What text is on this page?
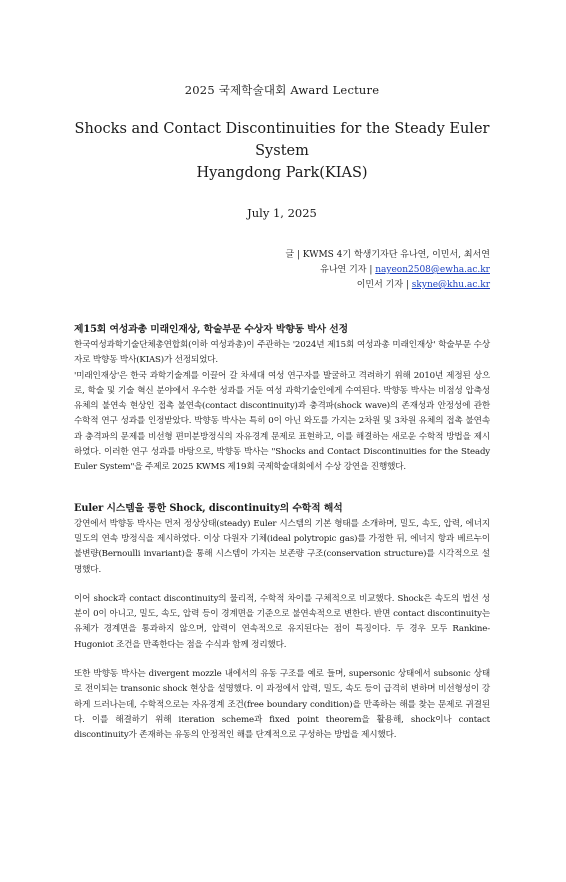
2025 국제학술대회 Award Lecture
Shocks and Contact Discontinuities for the Steady Euler System
Hyangdong Park(KIAS)
July 1, 2025
글 | KWMS 4기 학생기자단 유나연, 이민서, 최서연
유나연 기자 | nayeon2508@ewha.ac.kr
이민서 기자 | skyne@khu.ac.kr
제15회 여성과총 미래인재상, 학술부문 수상자 박향동 박사 선정

한국여성과학기술단체총연합회(이하 여성과총)이 주관하는 '2024년 제15회 여성과총 미래인재상' 학술부문 수상자로 박향동 박사(KIAS)가 선정되었다.

'미래인재상'은 한국 과학기술계를 이끌어 갈 차세대 여성 연구자를 발굴하고 격려하기 위해 2010년 제정된 상으로, 학술 및 기술 혁신 분야에서 우수한 성과를 거둔 여성 과학기술인에게 수여된다. 박향동 박사는 비점성 압축성 유체의 불연속 현상인 접촉 불연속(contact discontinuity)과 충격파(shock wave)의 존재성과 안정성에 관한 수학적 연구 성과를 인정받았다. 박향동 박사는 특히 0이 아닌 와도를 가지는 2차원 및 3차원 유체의 접촉 불연속과 충격파의 문제를 비선형 편미분방정식의 자유경계 문제로 표현하고, 이를 해결하는 새로운 수학적 방법을 제시하였다. 이러한 연구 성과를 바탕으로, 박향동 박사는 "Shocks and Contact Discontinuities for the Steady Euler System"을 주제로 2025 KWMS 제19회 국제학술대회에서 수상 강연을 진행했다.

Euler 시스템을 통한 Shock, discontinuity의 수학적 해석

강연에서 박향동 박사는 먼저 정상상태(steady) Euler 시스템의 기본 형태를 소개하며, 밀도, 속도, 압력, 에너지 밀도의 연속 방정식을 제시하였다. 이상 다원자 기체(ideal polytropic gas)를 가정한 뒤, 에너지 항과 베르누이 불변량(Bernoulli invariant)을 통해 시스템이 가지는 보존량 구조(conservation structure)를 시각적으로 설명했다.

이어 shock과 contact discontinuity의 물리적, 수학적 차이를 구체적으로 비교했다. Shock은 속도의 법선 성분이 0이 아니고, 밀도, 속도, 압력 등이 경계면을 기준으로 불연속적으로 변한다. 반면 contact discontinuity는 유체가 경계면을 통과하지 않으며, 압력이 연속적으로 유지된다는 점이 특징이다. 두 경우 모두 Rankine-Hugoniot 조건을 만족한다는 점을 수식과 함께 정리했다.

또한 박향동 박사는 divergent mozzle 내에서의 유동 구조를 예로 들며, supersonic 상태에서 subsonic 상태로 전이되는 transonic shock 현상을 설명했다. 이 과정에서 압력, 밀도, 속도 등이 급격히 변하며 비선형성이 강하게 드러나는데, 수학적으로는 자유경계 조건(free boundary condition)을 만족하는 해를 찾는 문제로 귀결된다. 이를 해결하기 위해 iteration scheme과 fixed point theorem을 활용해, shock이나 contact discontinuity가 존재하는 유동의 안정적인 해를 단계적으로 구성하는 방법을 제시했다.
